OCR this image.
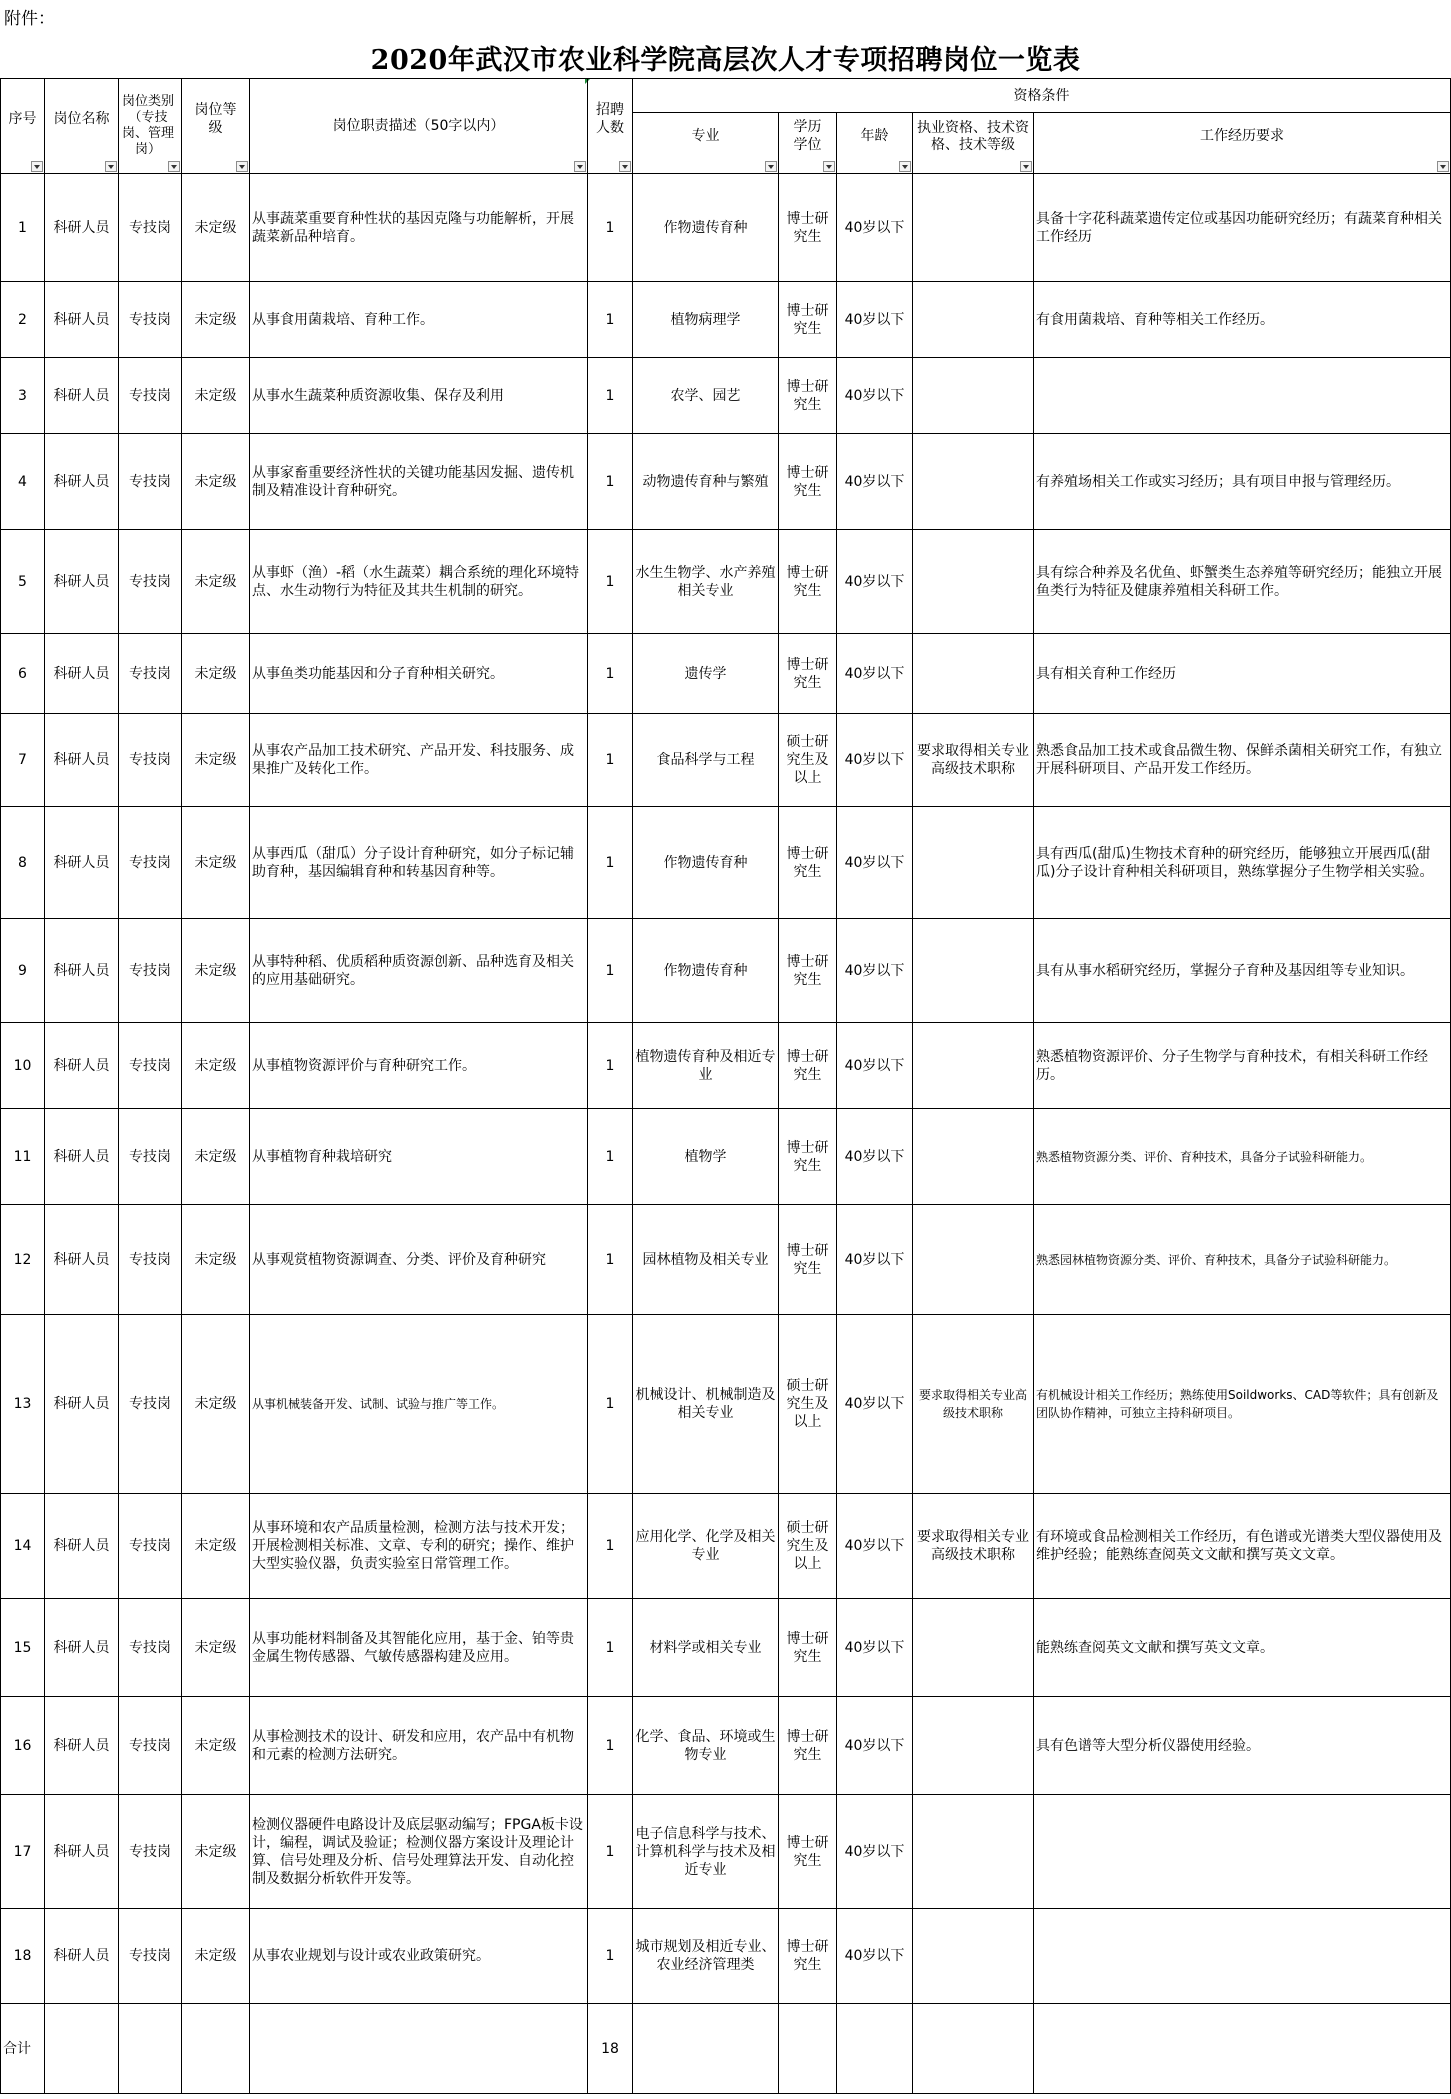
附件：
2020年武汉市农业科学院高层次人才专项招聘岗位一览表
序号	岗位名称	岗位类别（专技岗、管理岗）	岗位等级	岗位职责描述（50字以内）	招聘人数	资格条件				
						专业	学历学位	年龄	执业资格、技术资格、技术等级	工作经历要求

1	科研人员	专技岗	未定级	从事蔬菜重要育种性状的基因克隆与功能解析，开展蔬菜新品种培育。	1	作物遗传育种	博士研究生	40岁以下		具备十字花科蔬菜遗传定位或基因功能研究经历；有蔬菜育种相关工作经历
2	科研人员	专技岗	未定级	从事食用菌栽培、育种工作。	1	植物病理学	博士研究生	40岁以下		有食用菌栽培、育种等相关工作经历。
3	科研人员	专技岗	未定级	从事水生蔬菜种质资源收集、保存及利用	1	农学、园艺	博士研究生	40岁以下		
4	科研人员	专技岗	未定级	从事家畜重要经济性状的关键功能基因发掘、遗传机制及精准设计育种研究。	1	动物遗传育种与繁殖	博士研究生	40岁以下		有养殖场相关工作或实习经历；具有项目申报与管理经历。
5	科研人员	专技岗	未定级	从事虾（渔）-稻（水生蔬菜）耦合系统的理化环境特点、水生动物行为特征及其共生机制的研究。	1	水生生物学、水产养殖相关专业	博士研究生	40岁以下		具有综合种养及名优鱼、虾蟹类生态养殖等研究经历；能独立开展鱼类行为特征及健康养殖相关科研工作。
6	科研人员	专技岗	未定级	从事鱼类功能基因和分子育种相关研究。	1	遗传学	博士研究生	40岁以下		具有相关育种工作经历
7	科研人员	专技岗	未定级	从事农产品加工技术研究、产品开发、科技服务、成果推广及转化工作。	1	食品科学与工程	硕士研究生及以上	40岁以下	要求取得相关专业高级技术职称	熟悉食品加工技术或食品微生物、保鲜杀菌相关研究工作，有独立开展科研项目、产品开发工作经历。
8	科研人员	专技岗	未定级	从事西瓜（甜瓜）分子设计育种研究，如分子标记辅助育种，基因编辑育种和转基因育种等。	1	作物遗传育种	博士研究生	40岁以下		具有西瓜(甜瓜)生物技术育种的研究经历，能够独立开展西瓜(甜瓜)分子设计育种相关科研项目，熟练掌握分子生物学相关实验。
9	科研人员	专技岗	未定级	从事特种稻、优质稻种质资源创新、品种选育及相关的应用基础研究。	1	作物遗传育种	博士研究生	40岁以下		具有从事水稻研究经历，掌握分子育种及基因组等专业知识。
10	科研人员	专技岗	未定级	从事植物资源评价与育种研究工作。	1	植物遗传育种及相近专业	博士研究生	40岁以下		熟悉植物资源评价、分子生物学与育种技术，有相关科研工作经历。
11	科研人员	专技岗	未定级	从事植物育种栽培研究	1	植物学	博士研究生	40岁以下		熟悉植物资源分类、评价、育种技术，具备分子试验科研能力。
12	科研人员	专技岗	未定级	从事观赏植物资源调查、分类、评价及育种研究	1	园林植物及相关专业	博士研究生	40岁以下		熟悉园林植物资源分类、评价、育种技术，具备分子试验科研能力。
13	科研人员	专技岗	未定级	从事机械装备开发、试制、试验与推广等工作。	1	机械设计、机械制造及相关专业	硕士研究生及以上	40岁以下	要求取得相关专业高级技术职称	有机械设计相关工作经历；熟练使用Soildworks、CAD等软件；具有创新及团队协作精神，可独立主持科研项目。
14	科研人员	专技岗	未定级	从事环境和农产品质量检测，检测方法与技术开发；开展检测相关标准、文章、专利的研究；操作、维护大型实验仪器，负责实验室日常管理工作。	1	应用化学、化学及相关专业	硕士研究生及以上	40岁以下	要求取得相关专业高级技术职称	有环境或食品检测相关工作经历，有色谱或光谱类大型仪器使用及维护经验；能熟练查阅英文文献和撰写英文文章。
15	科研人员	专技岗	未定级	从事功能材料制备及其智能化应用，基于金、铂等贵金属生物传感器、气敏传感器构建及应用。	1	材料学或相关专业	博士研究生	40岁以下		能熟练查阅英文文献和撰写英文文章。
16	科研人员	专技岗	未定级	从事检测技术的设计、研发和应用，农产品中有机物和元素的检测方法研究。	1	化学、食品、环境或生物专业	博士研究生	40岁以下		具有色谱等大型分析仪器使用经验。
17	科研人员	专技岗	未定级	检测仪器硬件电路设计及底层驱动编写；FPGA板卡设计，编程，调试及验证；检测仪器方案设计及理论计算、信号处理及分析、信号处理算法开发、自动化控制及数据分析软件开发等。	1	电子信息科学与技术、计算机科学与技术及相近专业	博士研究生	40岁以下		
18	科研人员	专技岗	未定级	从事农业规划与设计或农业政策研究。	1	城市规划及相近专业、农业经济管理类	博士研究生	40岁以下		
合计					18					
